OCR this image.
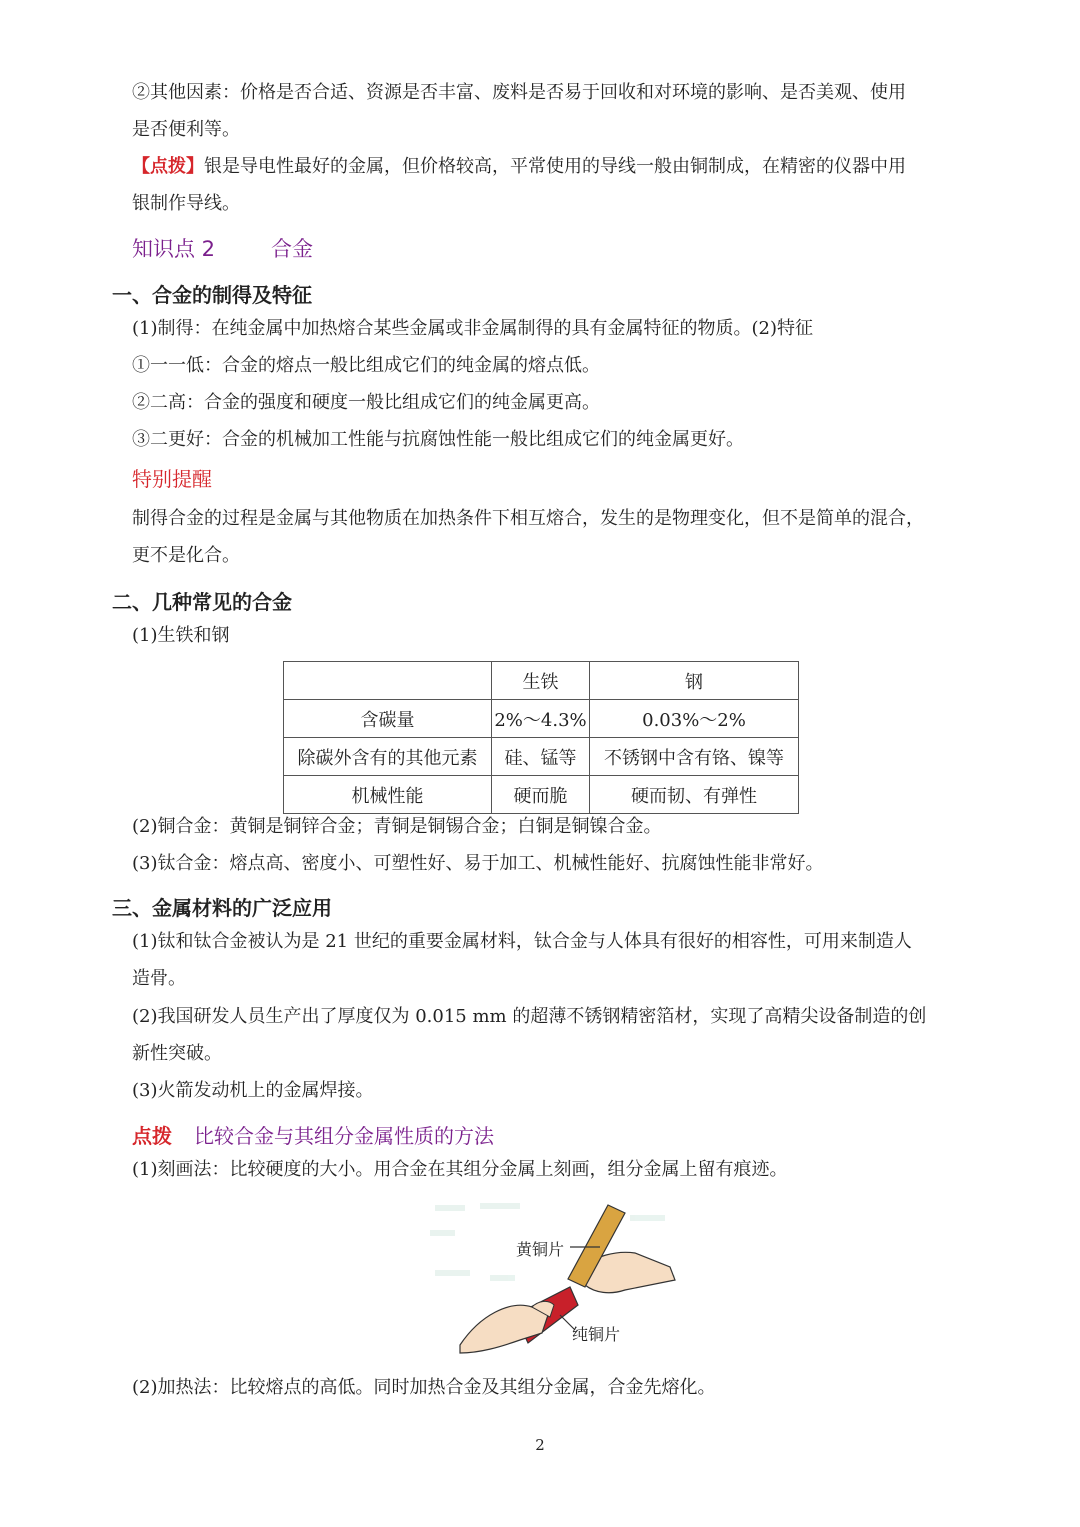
②其他因素：价格是否合适、资源是否丰富、废料是否易于回收和对环境的影响、是否美观、使用
是否便利等。
【点拨】银是导电性最好的金属，但价格较高，平常使用的导线一般由铜制成，在精密的仪器中用
银制作导线。
知识点 2	合金
一、合金的制得及特征
(1)制得：在纯金属中加热熔合某些金属或非金属制得的具有金属特征的物质。(2)特征
①一一低：合金的熔点一般比组成它们的纯金属的熔点低。
②二高：合金的强度和硬度一般比组成它们的纯金属更高。
③二更好：合金的机械加工性能与抗腐蚀性能一般比组成它们的纯金属更好。
特别提醒
制得合金的过程是金属与其他物质在加热条件下相互熔合，发生的是物理变化，但不是简单的混合，
更不是化合。
二、几种常见的合金
(1)生铁和钢
	生铁	钢
含碳量	2%～4.3%	0.03%～2%
除碳外含有的其他元素	硅、锰等	不锈钢中含有铬、镍等
机械性能	硬而脆	硬而韧、有弹性
(2)铜合金：黄铜是铜锌合金；青铜是铜锡合金；白铜是铜镍合金。
(3)钛合金：熔点高、密度小、可塑性好、易于加工、机械性能好、抗腐蚀性能非常好。
三、金属材料的广泛应用
(1)钛和钛合金被认为是 21 世纪的重要金属材料，钛合金与人体具有很好的相容性，可用来制造人
造骨。
(2)我国研发人员生产出了厚度仅为 0.015 mm 的超薄不锈钢精密箔材，实现了高精尖设备制造的创
新性突破。
(3)火箭发动机上的金属焊接。
点拨 比较合金与其组分金属性质的方法
(1)刻画法：比较硬度的大小。用合金在其组分金属上刻画，组分金属上留有痕迹。
黄铜片
纯铜片
(2)加热法：比较熔点的高低。同时加热合金及其组分金属，合金先熔化。
2
